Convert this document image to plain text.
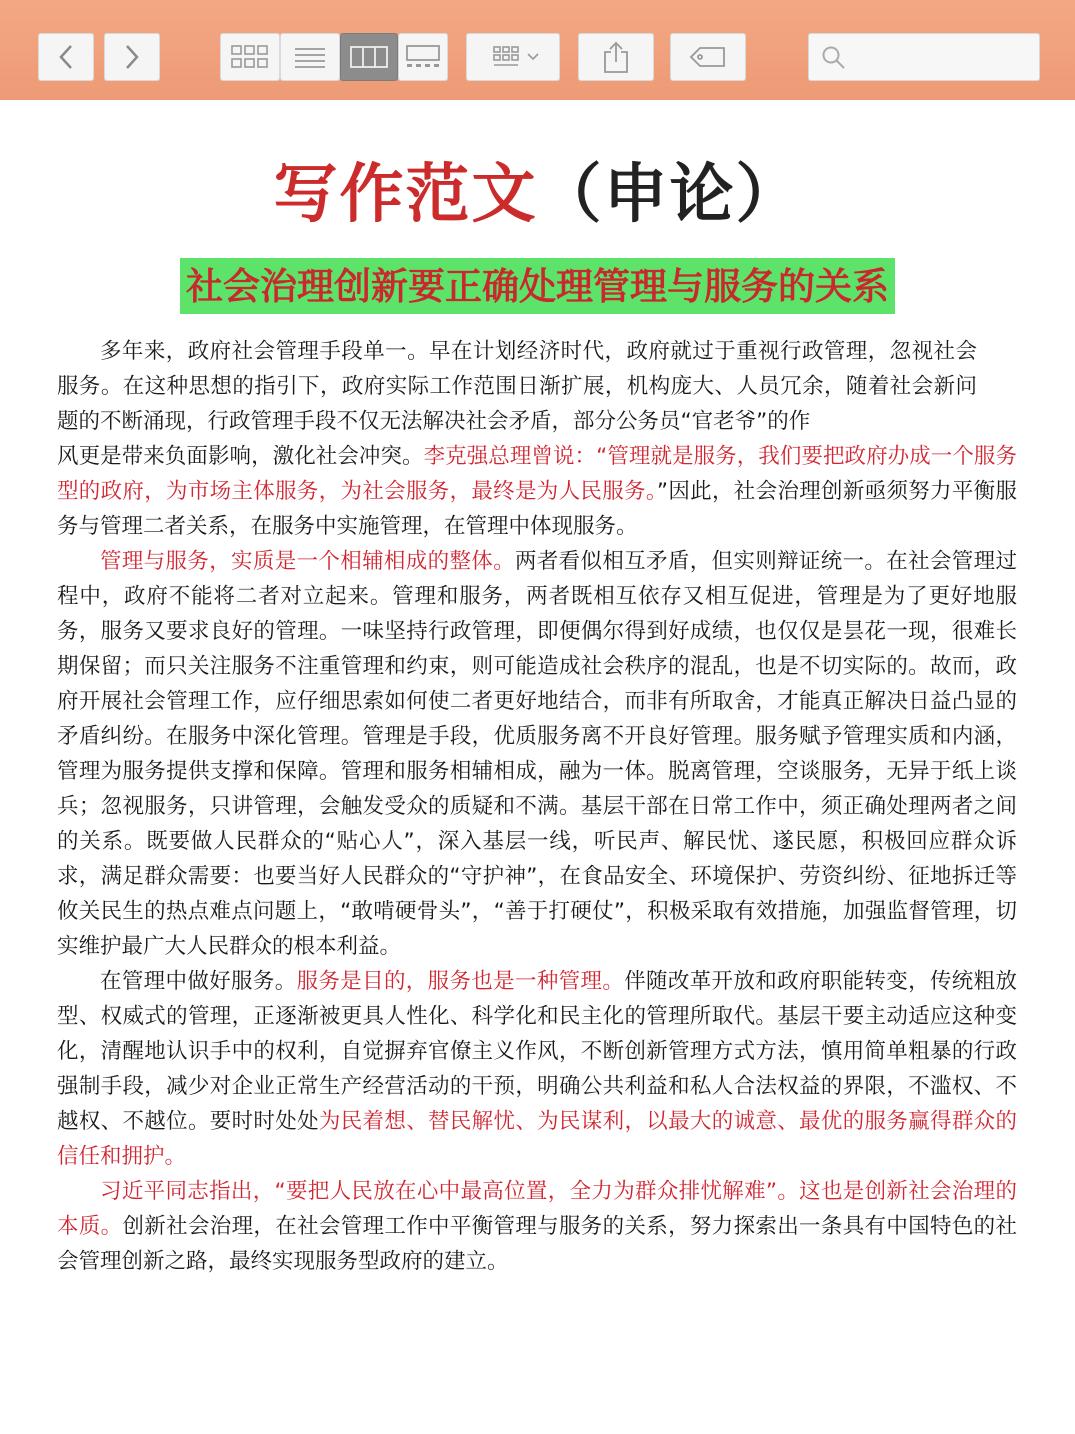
写作范文（申论）
社会治理创新要正确处理管理与服务的关系

多年来，政府社会管理手段单一。早在计划经济时代，政府就过于重视行政管理，忽视社会服务。在这种思想的指引下，政府实际工作范围日渐扩展，机构庞大、人员冗余，随着社会新问题的不断涌现，行政管理手段不仅无法解决社会矛盾，部分公务员“官老爷”的作

风更是带来负面影响，激化社会冲突。李克强总理曾说：“管理就是服务，我们要把政府办成一个服务型的政府，为市场主体服务，为社会服务，最终是为人民服务。”因此，社会治理创新亟须努力平衡服务与管理二者关系，在服务中实施管理，在管理中体现服务。

管理与服务，实质是一个相辅相成的整体。两者看似相互矛盾，但实则辩证统一。在社会管理过程中，政府不能将二者对立起来。管理和服务，两者既相互依存又相互促进，管理是为了更好地服务，服务又要求良好的管理。一味坚持行政管理，即便偶尔得到好成绩，也仅仅是昙花一现，很难长期保留；而只关注服务不注重管理和约束，则可能造成社会秩序的混乱，也是不切实际的。故而，政府开展社会管理工作，应仔细思索如何使二者更好地结合，而非有所取舍，才能真正解决日益凸显的矛盾纠纷。在服务中深化管理。管理是手段，优质服务离不开良好管理。服务赋予管理实质和内涵，管理为服务提供支撑和保障。管理和服务相辅相成，融为一体。脱离管理，空谈服务，无异于纸上谈兵；忽视服务，只讲管理，会触发受众的质疑和不满。基层干部在日常工作中，须正确处理两者之间的关系。既要做人民群众的“贴心人”，深入基层一线，听民声、解民忧、遂民愿，积极回应群众诉求，满足群众需要：也要当好人民群众的“守护神”，在食品安全、环境保护、劳资纠纷、征地拆迁等攸关民生的热点难点问题上，“敢啃硬骨头”，“善于打硬仗”，积极采取有效措施，加强监督管理，切实维护最广大人民群众的根本利益。

在管理中做好服务。服务是目的，服务也是一种管理。伴随改革开放和政府职能转变，传统粗放型、权威式的管理，正逐渐被更具人性化、科学化和民主化的管理所取代。基层干要主动适应这种变化，清醒地认识手中的权利，自觉摒弃官僚主义作风，不断创新管理方式方法，慎用简单粗暴的行政强制手段，减少对企业正常生产经营活动的干预，明确公共利益和私人合法权益的界限，不滥权、不越权、不越位。要时时处处为民着想、替民解忧、为民谋利，以最大的诚意、最优的服务赢得群众的信任和拥护。

习近平同志指出，“要把人民放在心中最高位置，全力为群众排忧解难”。这也是创新社会治理的本质。创新社会治理，在社会管理工作中平衡管理与服务的关系，努力探索出一条具有中国特色的社会管理创新之路，最终实现服务型政府的建立。
